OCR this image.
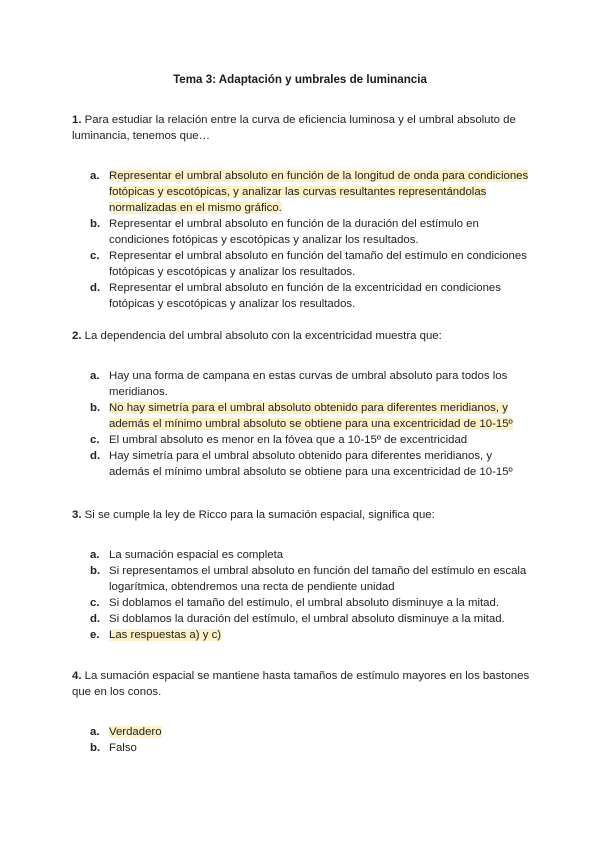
Tema 3: Adaptación y umbrales de luminancia

1. Para estudiar la relación entre la curva de eficiencia luminosa y el umbral absoluto de luminancia, tenemos que…

a. Representar el umbral absoluto en función de la longitud de onda para condiciones fotópicas y escotópicas, y analizar las curvas resultantes representándolas normalizadas en el mismo gráfico.
b. Representar el umbral absoluto en función de la duración del estímulo en condiciones fotópicas y escotópicas y analizar los resultados.
c. Representar el umbral absoluto en función del tamaño del estímulo en condiciones fotópicas y escotópicas y analizar los resultados.
d. Representar el umbral absoluto en función de la excentricidad en condiciones fotópicas y escotópicas y analizar los resultados.

2. La dependencia del umbral absoluto con la excentricidad muestra que:

a. Hay una forma de campana en estas curvas de umbral absoluto para todos los meridianos.
b. No hay simetría para el umbral absoluto obtenido para diferentes meridianos, y además el mínimo umbral absoluto se obtiene para una excentricidad de 10-15º
c. El umbral absoluto es menor en la fóvea que a 10-15º de excentricidad
d. Hay simetría para el umbral absoluto obtenido para diferentes meridianos, y además el mínimo umbral absoluto se obtiene para una excentricidad de 10-15º

3. Si se cumple la ley de Ricco para la sumación espacial, significa que:

a. La sumación espacial es completa
b. Si representamos el umbral absoluto en función del tamaño del estímulo en escala logarítmica, obtendremos una recta de pendiente unidad
c. Si doblamos el tamaño del estímulo, el umbral absoluto disminuye a la mitad.
d. Si doblamos la duración del estímulo, el umbral absoluto disminuye a la mitad.
e. Las respuestas a) y c)

4. La sumación espacial se mantiene hasta tamaños de estímulo mayores en los bastones que en los conos.

a. Verdadero
b. Falso
